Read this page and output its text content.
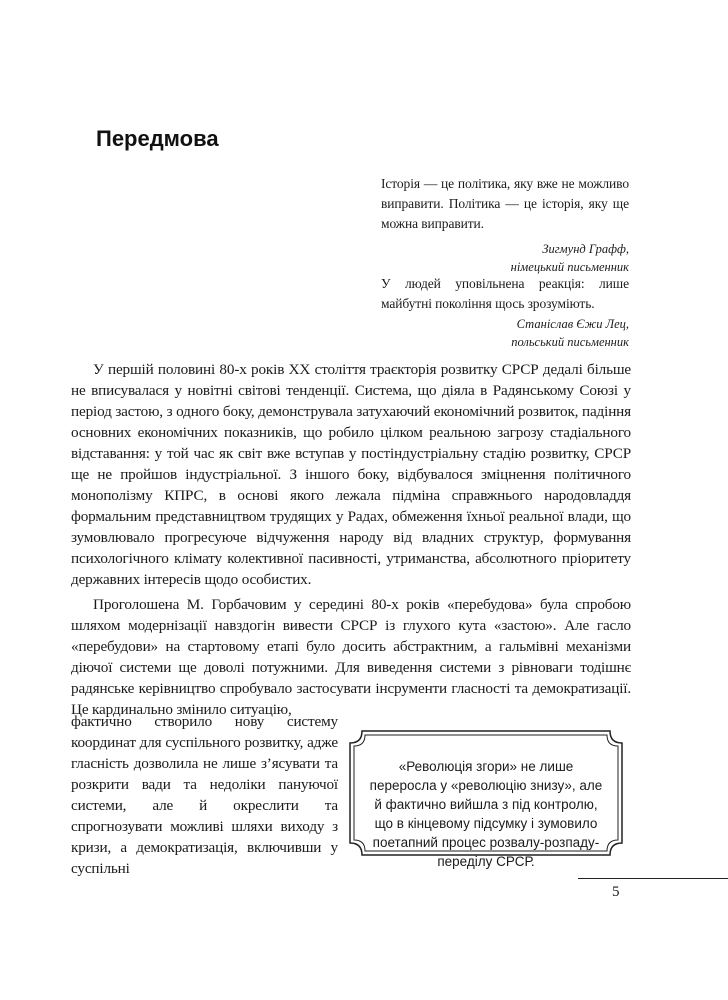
Передмова

Історія — це політика, яку вже не можливо виправити. Політика — це історія, яку ще можна виправити.

Зигмунд Графф,

німецький письменник

У людей уповільнена реакція: лише майбутні покоління щось зрозуміють.

Станіслав Єжи Лец,

польський письменник

У першій половині 80-х років XX століття траєкторія розвитку СРСР дедалі більше не вписувалася у новітні світові тенденції. Система, що діяла в Радянському Союзі у період застою, з одного боку, демонструвала затухаючий економічний розвиток, падіння основних економічних показників, що робило цілком реальною загрозу стадіального відставання: у той час як світ вже вступав у постіндустріальну стадію розвитку, СРСР ще не пройшов індустріальної. З іншого боку, відбувалося зміцнення політичного монополізму КПРС, в основі якого лежала підміна справжнього народовладдя формальним представництвом трудящих у Радах, обмеження їхньої реальної влади, що зумовлювало прогресуюче відчуження народу від владних структур, формування психологічного клімату колективної пасивності, утриманства, абсолютного пріоритету державних інтересів щодо особистих.

Проголошена М. Горбачовим у середині 80-х років «перебудова» була спробою шляхом модернізації навздогін вивести СРСР із глухого кута «застою». Але гасло «перебудови» на стартовому етапі було досить абстрактним, а гальмівні механізми діючої системи ще доволі потужними. Для виведення системи з рівноваги тодішнє радянське керівництво спробувало застосувати інсрументи гласності та демократизації. Це кардинально змінило ситуацію,

фактично створило нову систему координат для суспільного розвитку, адже гласність дозволила не лише з’ясувати та розкрити вади та недоліки пануючої системи, але й окреслити та спрогнозувати можливі шляхи виходу з кризи, а демократизація, включивши у суспільні

«Революція згори» не лише переросла у «революцію знизу», але й фактично вийшла з під контролю, що в кінцевому підсумку і зумовило поетапний процес розвалу-розпаду-переділу СРСР.

5
